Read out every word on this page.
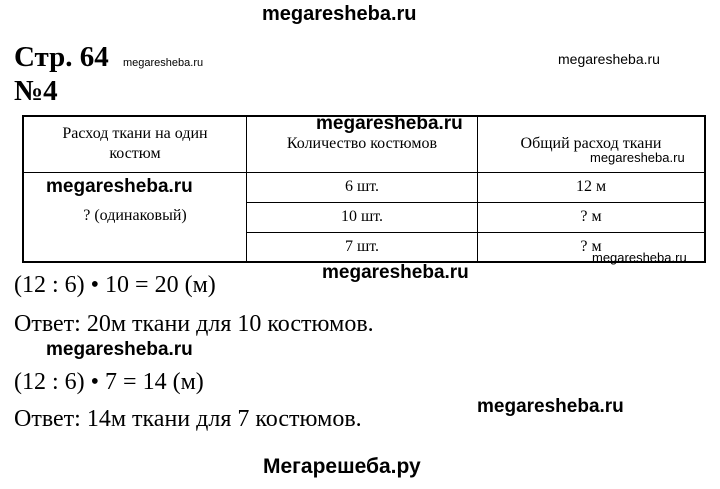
megaresheba.ru
Стр. 64 megaresheba.ru	megaresheba.ru
№4
Расход ткани на один костюм	Количество костюмов	Общий расход ткани
? (одинаковый)	6 шт.	12 м
	10 шт.	? м
	7 шт.	? м
megaresheba.ru
megaresheba.ru
megaresheba.ru
megaresheba.ru
(12 : 6) • 10 = 20 (м)	megaresheba.ru
Ответ: 20м ткани для 10 костюмов.
megaresheba.ru
(12 : 6) • 7 = 14 (м)
Ответ: 14м ткани для 7 костюмов.	megaresheba.ru
Мегарешеба.ру
